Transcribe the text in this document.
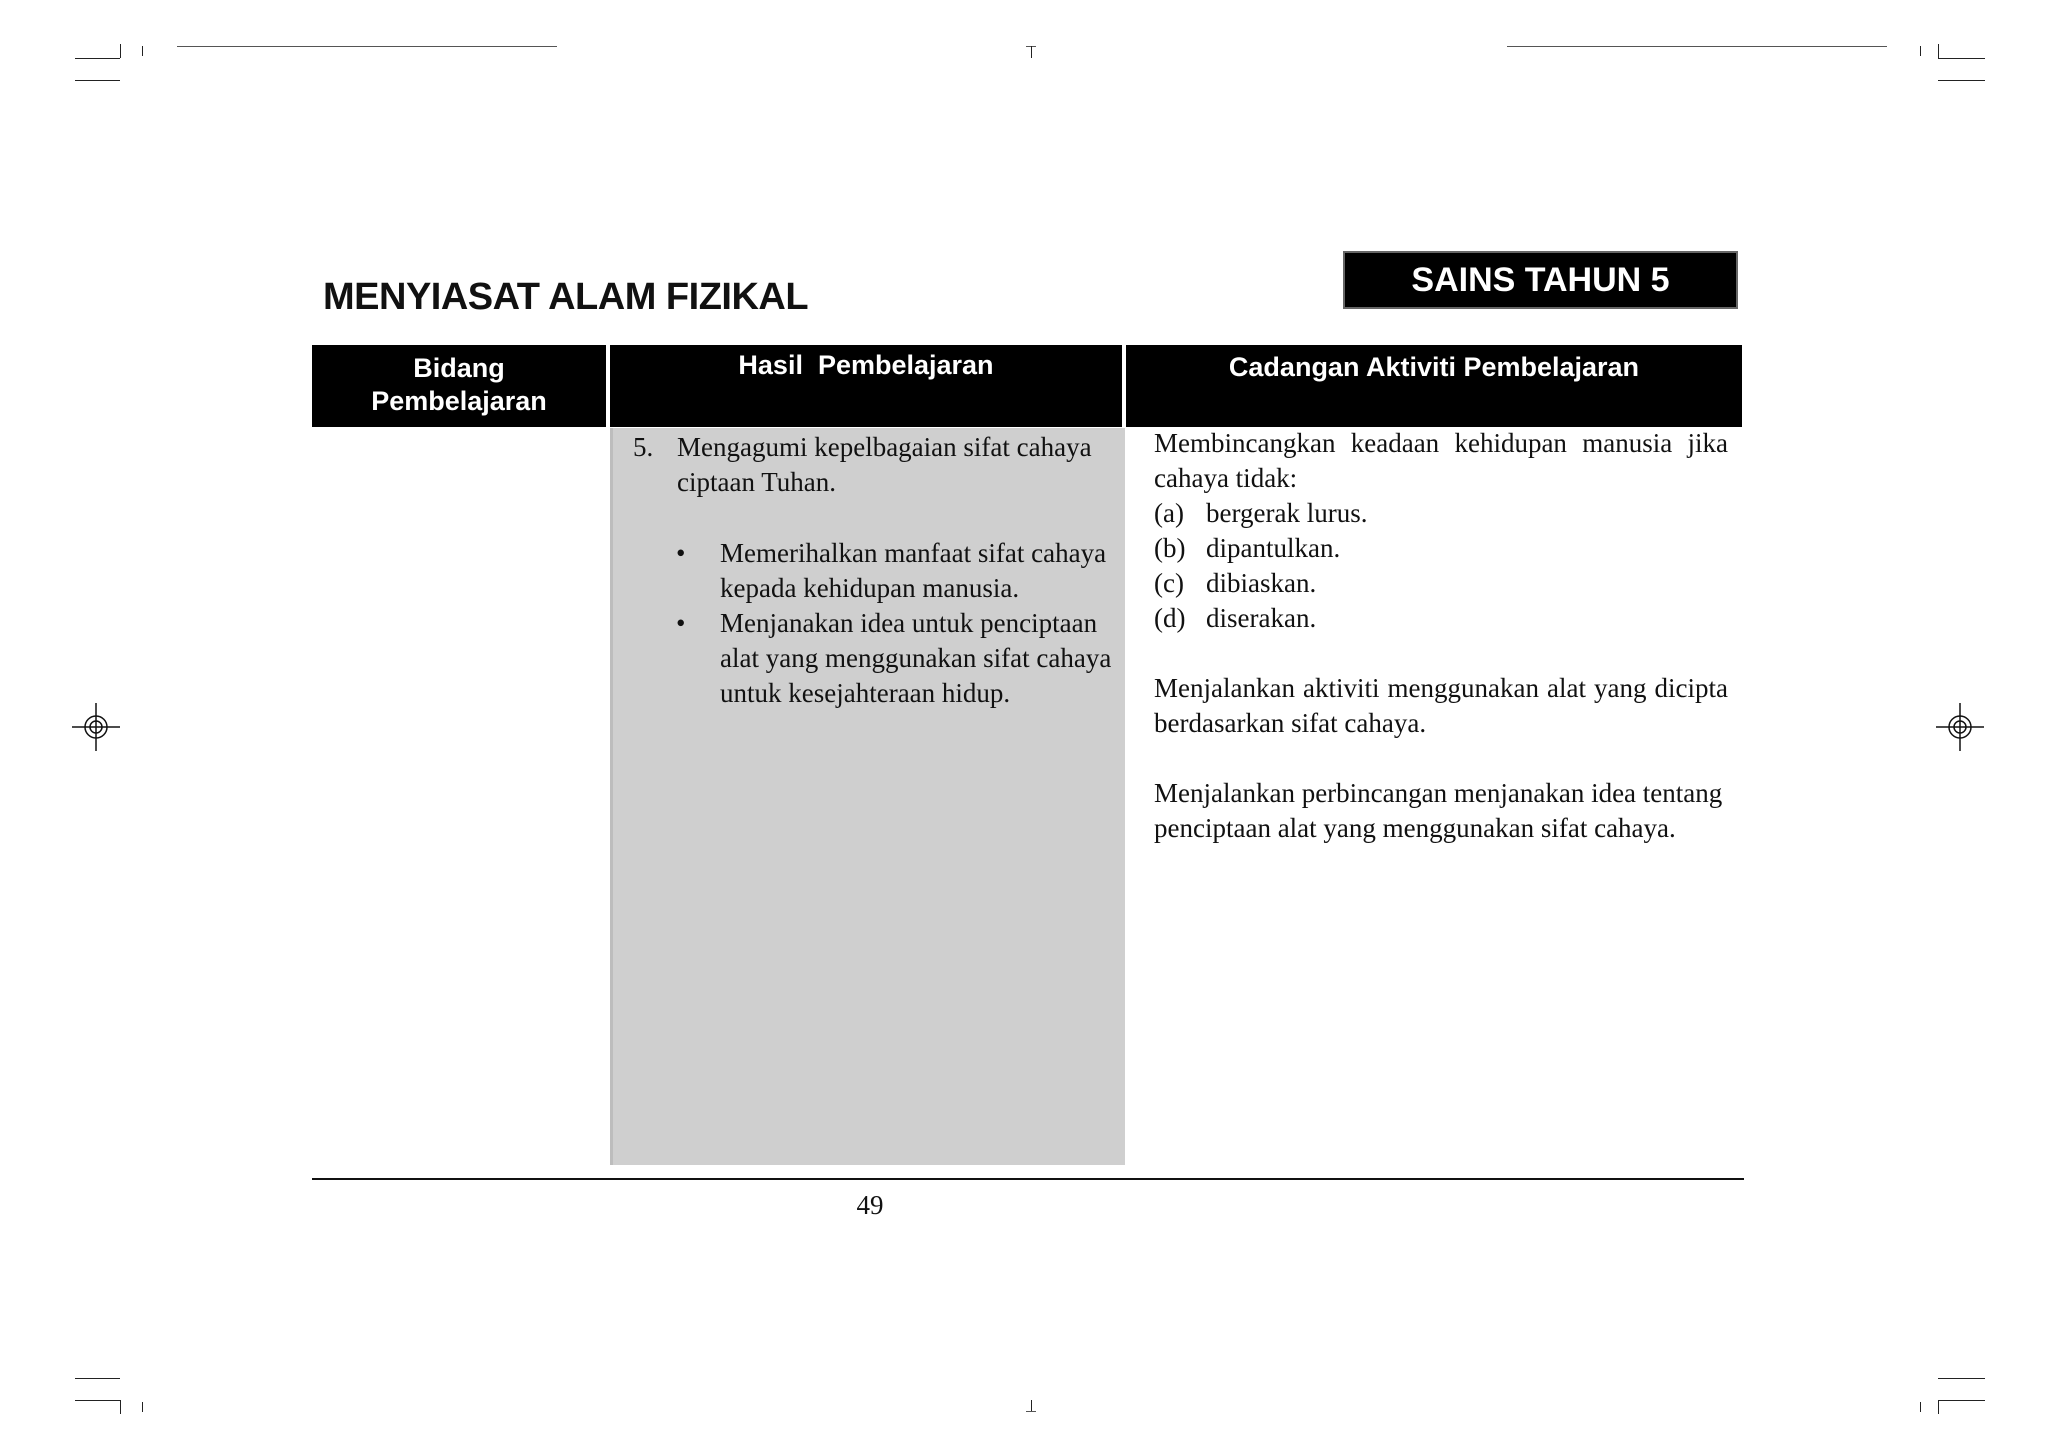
MENYIASAT ALAM FIZIKAL	SAINS TAHUN 5
Bidang
Pembelajaran
Hasil  Pembelajaran	Cadangan Aktiviti Pembelajaran
5. Mengagumi kepelbagaian sifat cahaya ciptaan Tuhan.
• Memerihalkan manfaat sifat cahaya kepada kehidupan manusia.
• Menjanakan idea untuk penciptaan alat yang menggunakan sifat cahaya untuk kesejahteraan hidup.
Membincangkan keadaan kehidupan manusia jika cahaya tidak:
(a) bergerak lurus.
(b) dipantulkan.
(c) dibiaskan.
(d) diserakan.
Menjalankan aktiviti menggunakan alat yang dicipta berdasarkan sifat cahaya.
Menjalankan perbincangan menjanakan idea tentang penciptaan alat yang menggunakan sifat cahaya.
49
